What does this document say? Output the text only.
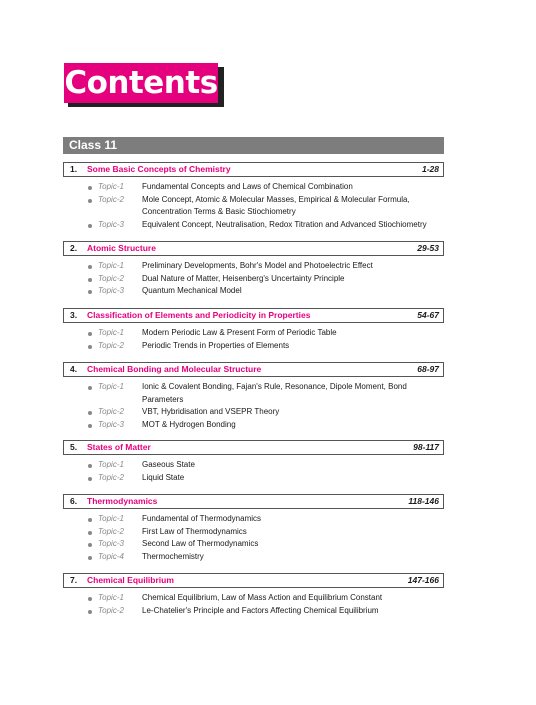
Contents
Class 11
1. Some Basic Concepts of Chemistry	1-28
Topic-1 Fundamental Concepts and Laws of Chemical Combination
Topic-2 Mole Concept, Atomic & Molecular Masses, Empirical & Molecular Formula, Concentration Terms & Basic Stiochiometry
Topic-3 Equivalent Concept, Neutralisation, Redox Titration and Advanced Stiochiometry
2. Atomic Structure	29-53
Topic-1 Preliminary Developments, Bohr's Model and Photoelectric Effect
Topic-2 Dual Nature of Matter, Heisenberg's Uncertainty Principle
Topic-3 Quantum Mechanical Model
3. Classification of Elements and Periodicity in Properties	54-67
Topic-1 Modern Periodic Law & Present Form of Periodic Table
Topic-2 Periodic Trends in Properties of Elements
4. Chemical Bonding and Molecular Structure	68-97
Topic-1 Ionic & Covalent Bonding, Fajan's Rule, Resonance, Dipole Moment, Bond Parameters
Topic-2 VBT, Hybridisation and VSEPR Theory
Topic-3 MOT & Hydrogen Bonding
5. States of Matter	98-117
Topic-1 Gaseous State
Topic-2 Liquid State
6. Thermodynamics	118-146
Topic-1 Fundamental of Thermodynamics
Topic-2 First Law of Thermodynamics
Topic-3 Second Law of Thermodynamics
Topic-4 Thermochemistry
7. Chemical Equilibrium	147-166
Topic-1 Chemical Equilibrium, Law of Mass Action and Equilibrium Constant
Topic-2 Le-Chatelier's Principle and Factors Affecting Chemical Equilibrium
